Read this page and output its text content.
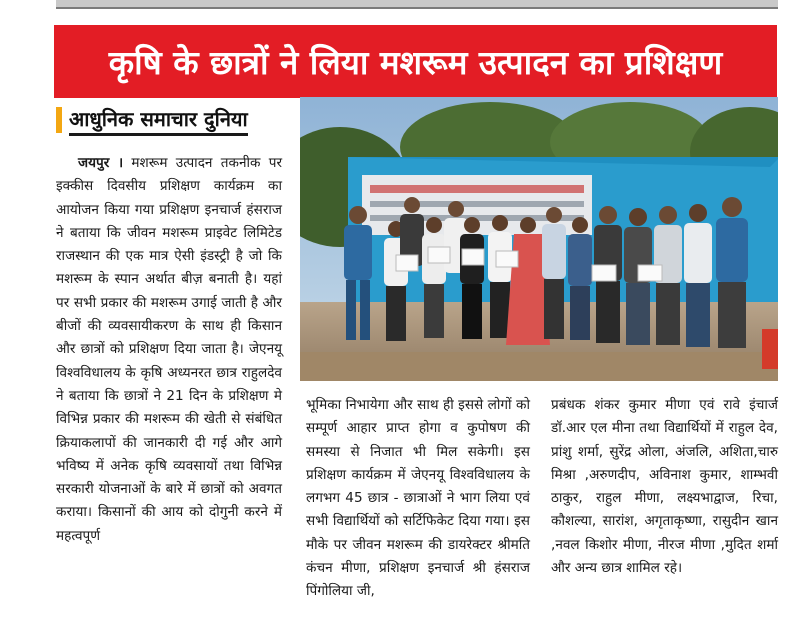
कृषि के छात्रों ने लिया मशरूम उत्पादन का प्रशिक्षण
आधुनिक समाचार दुनिया

जयपुर । मशरूम उत्पादन तकनीक पर इक्कीस दिवसीय प्रशिक्षण कार्यक्रम का आयोजन किया गया प्रशिक्षण इनचार्ज हंसराज ने बताया कि जीवन मशरूम प्राइवेट लिमिटेड राजस्थान की एक मात्र ऐसी इंडस्ट्री है जो कि मशरूम के स्पान अर्थात बीज़ बनाती है। यहां पर सभी प्रकार की मशरूम उगाई जाती है और बीजों की व्यवसायीकरण के साथ ही किसान और छात्रों को प्रशिक्षण दिया जाता है। जेएनयू विश्वविधालय के कृषि अध्यनरत छात्र राहुलदेव ने बताया कि छात्रों ने 21 दिन के प्रशिक्षण मे विभिन्न प्रकार की मशरूम की खेती से संबंधित क्रियाकलापों की जानकारी दी गई और आगे भविष्य में अनेक कृषि व्यवसायों तथा विभिन्न सरकारी योजनाओं के बारे में छात्रों को अवगत कराया। किसानों की आय को दोगुनी करने में महत्वपूर्ण

भूमिका निभायेगा और साथ ही इससे लोगों को सम्पूर्ण आहार प्राप्त होगा व कुपोषण की समस्या से निजात भी मिल सकेगी। इस प्रशिक्षण कार्यक्रम में जेएनयू विश्वविधालय के लगभग 45 छात्र - छात्राओं ने भाग लिया एवं सभी विद्यार्थियों को सर्टिफिकेट दिया गया। इस मौके पर जीवन मशरूम की डायरेक्टर श्रीमति कंचन मीणा, प्रशिक्षण इनचार्ज श्री हंसराज पिंगोलिया जी,

प्रबंधक शंकर कुमार मीणा एवं रावे इंचार्ज डॉ.आर एल मीना तथा विद्यार्थियों में राहुल देव, प्रांशु शर्मा, सुरेंद्र ओला, अंजलि, अशिता,चारु मिश्रा ,अरुणदीप, अविनाश कुमार, शाम्भवी ठाकुर, राहुल मीणा, लक्ष्यभाद्वाज, रिचा, कौशल्या, सारांश, अगृताकृष्णा, रासुदीन खान ,नवल किशोर मीणा, नीरज मीणा ,मुदित शर्मा और अन्य छात्र शामिल रहे।
